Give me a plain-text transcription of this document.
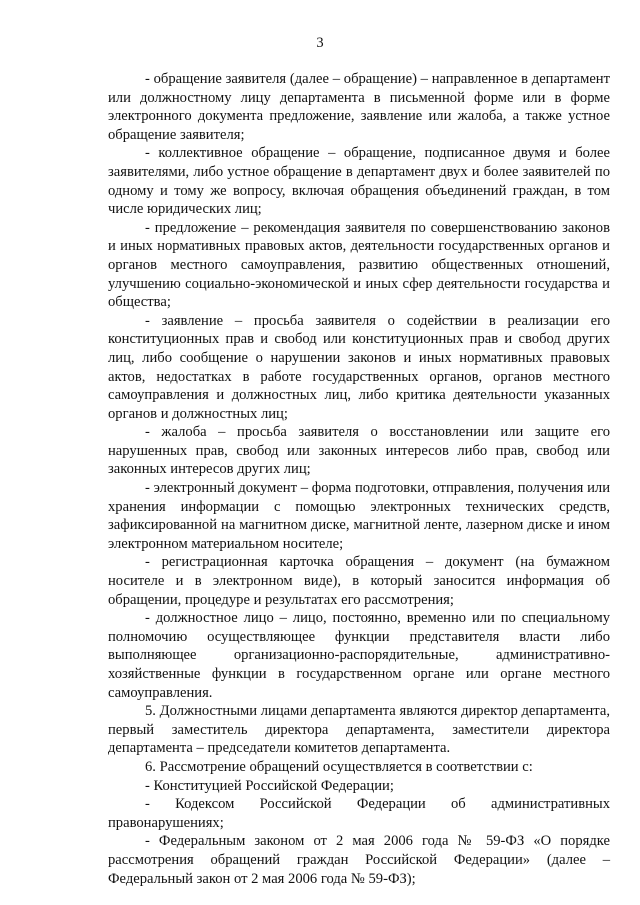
3

- обращение заявителя (далее – обращение) – направленное в департамент или должностному лицу департамента в письменной форме или в форме электронного документа предложение, заявление или жалоба, а также устное обращение заявителя;

- коллективное обращение – обращение, подписанное двумя и более заявителями, либо устное обращение в департамент двух и более заявителей по одному и тому же вопросу, включая обращения объединений граждан, в том числе юридических лиц;

- предложение – рекомендация заявителя по совершенствованию законов и иных нормативных правовых актов, деятельности государственных органов и органов местного самоуправления, развитию общественных отношений, улучшению социально-экономической и иных сфер деятельности государства и общества;

- заявление – просьба заявителя о содействии в реализации его конституционных прав и свобод или конституционных прав и свобод других лиц, либо сообщение о нарушении законов и иных нормативных правовых актов, недостатках в работе государственных органов, органов местного самоуправления и должностных лиц, либо критика деятельности указанных органов и должностных лиц;

- жалоба – просьба заявителя о восстановлении или защите его нарушенных прав, свобод или законных интересов либо прав, свобод или законных интересов других лиц;

- электронный документ – форма подготовки, отправления, получения или хранения информации с помощью электронных технических средств, зафиксированной на магнитном диске, магнитной ленте, лазерном диске и ином электронном материальном носителе;

- регистрационная карточка обращения – документ (на бумажном носителе и в электронном виде), в который заносится информация об обращении, процедуре и результатах его рассмотрения;

- должностное лицо – лицо, постоянно, временно или по специальному полномочию осуществляющее функции представителя власти либо выполняющее организационно-распорядительные, административно-хозяйственные функции в государственном органе или органе местного самоуправления.

5. Должностными лицами департамента являются директор департамента, первый заместитель директора департамента, заместители директора департамента – председатели комитетов департамента.

6. Рассмотрение обращений осуществляется в соответствии с:

- Конституцией Российской Федерации;

- Кодексом Российской Федерации об административных правонарушениях;

- Федеральным законом от 2 мая 2006 года № 59-ФЗ «О порядке рассмотрения обращений граждан Российской Федерации» (далее – Федеральный закон от 2 мая 2006 года № 59-ФЗ);
